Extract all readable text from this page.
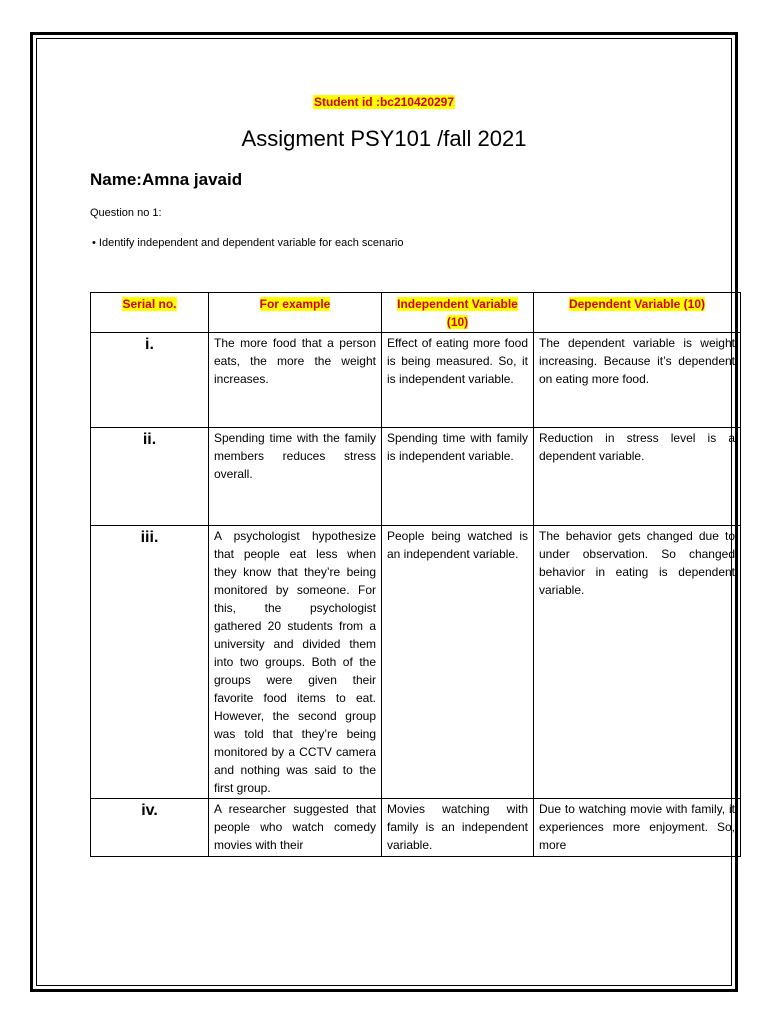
Student id :bc210420297
Assigment PSY101 /fall 2021
Name:Amna javaid
Question no 1:
• Identify independent and dependent variable for each scenario
Serial no.	For example	Independent Variable (10)	Dependent Variable (10)
i.	The more food that a person eats, the more the weight increases.	Effect of eating more food is being measured. So, it is independent variable.	The dependent variable is weight increasing. Because it’s dependent on eating more food.
ii.	Spending time with the family members reduces stress overall.	Spending time with family is independent variable.	Reduction in stress level is a dependent variable.
iii.	A psychologist hypothesize that people eat less when they know that they’re being monitored by someone. For this, the psychologist gathered 20 students from a university and divided them into two groups. Both of the groups were given their favorite food items to eat. However, the second group was told that they’re being monitored by a CCTV camera and nothing was said to the first group.	People being watched is an independent variable.	The behavior gets changed due to under observation. So changed behavior in eating is dependent variable.
iv.	A researcher suggested that people who watch comedy movies with their	Movies watching with family is an independent variable.	Due to watching movie with family, it experiences more enjoyment. So, more
